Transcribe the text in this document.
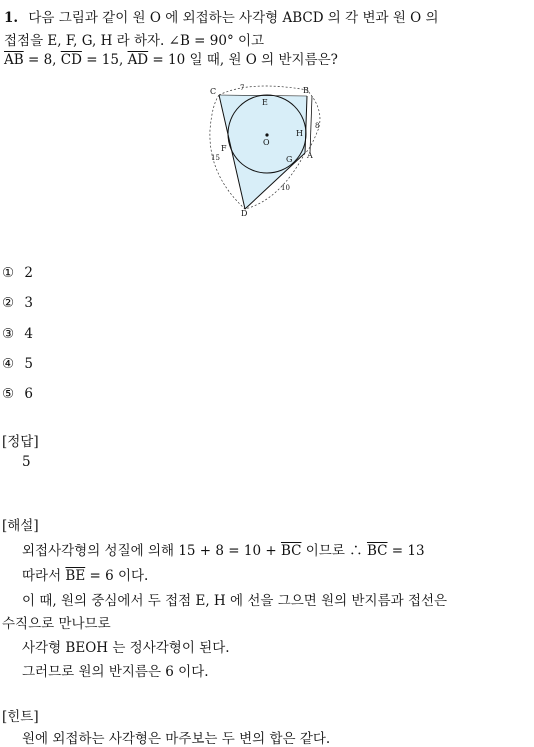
1. 다음 그림과 같이 원 O 에 외접하는 사각형 ABCD 의 각 변과 원 O 의
접점을 E, F, G, H 라 하자. ∠B = 90° 이고
$\overline{AB} = 8$, $\overline{CD} = 15$, $\overline{AD} = 10$ 일 때, 원 O 의 반지름은?
C	B
A
D
E
F
G
H
O
15
10
8
7
① 2
② 3
③ 4
④ 5
⑤ 6
[정답]
5
[해설]
외접사각형의 성질에 의해 $15 + 8 = 10 + \overline{BC}$ 이므로 ∴ $\overline{BC} = 13$
따라서 $\overline{BE} = 6$ 이다.
이 때, 원의 중심에서 두 접점 E, H 에 선을 그으면 원의 반지름과 접선은
수직으로 만나므로
사각형 BEOH 는 정사각형이 된다.
그러므로 원의 반지름은 6 이다.
[힌트]
원에 외접하는 사각형은 마주보는 두 변의 합은 같다.
